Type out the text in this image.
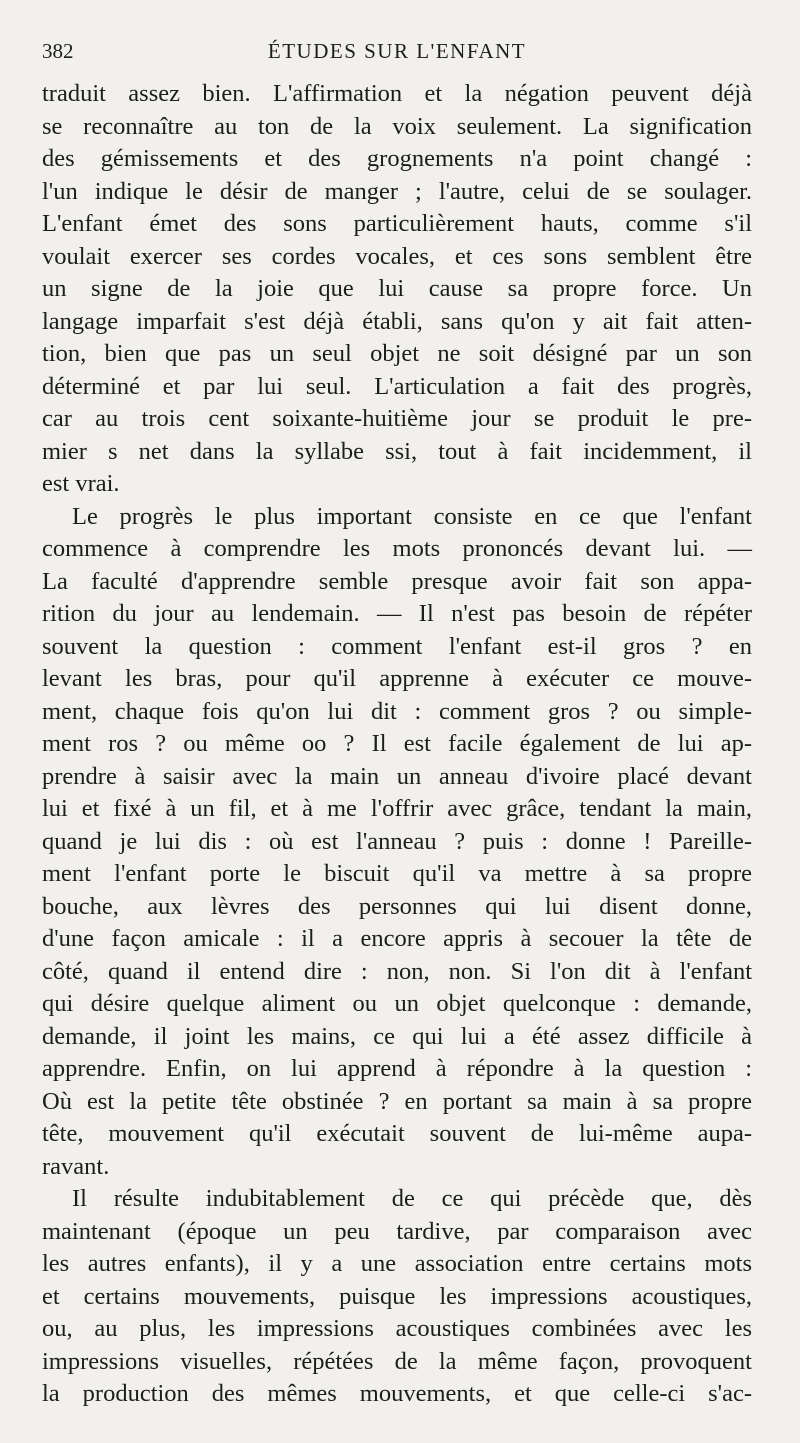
382	ÉTUDES SUR L'ENFANT
traduit assez bien. L'affirmation et la négation peuvent déjà
se reconnaître au ton de la voix seulement. La signification
des gémissements et des grognements n'a point changé :
l'un indique le désir de manger ; l'autre, celui de se soulager.
L'enfant émet des sons particulièrement hauts, comme s'il
voulait exercer ses cordes vocales, et ces sons semblent être
un signe de la joie que lui cause sa propre force. Un
langage imparfait s'est déjà établi, sans qu'on y ait fait atten-
tion, bien que pas un seul objet ne soit désigné par un son
déterminé et par lui seul. L'articulation a fait des progrès,
car au trois cent soixante-huitième jour se produit le pre-
mier s net dans la syllabe ssi, tout à fait incidemment, il
est vrai.
Le progrès le plus important consiste en ce que l'enfant
commence à comprendre les mots prononcés devant lui. —
La faculté d'apprendre semble presque avoir fait son appa-
rition du jour au lendemain. — Il n'est pas besoin de répéter
souvent la question : comment l'enfant est-il gros ? en
levant les bras, pour qu'il apprenne à exécuter ce mouve-
ment, chaque fois qu'on lui dit : comment gros ? ou simple-
ment ros ? ou même oo ? Il est facile également de lui ap-
prendre à saisir avec la main un anneau d'ivoire placé devant
lui et fixé à un fil, et à me l'offrir avec grâce, tendant la main,
quand je lui dis : où est l'anneau ? puis : donne ! Pareille-
ment l'enfant porte le biscuit qu'il va mettre à sa propre
bouche, aux lèvres des personnes qui lui disent donne,
d'une façon amicale : il a encore appris à secouer la tête de
côté, quand il entend dire : non, non. Si l'on dit à l'enfant
qui désire quelque aliment ou un objet quelconque : demande,
demande, il joint les mains, ce qui lui a été assez difficile à
apprendre. Enfin, on lui apprend à répondre à la question :
Où est la petite tête obstinée ? en portant sa main à sa propre
tête, mouvement qu'il exécutait souvent de lui-même aupa-
ravant.
Il résulte indubitablement de ce qui précède que, dès
maintenant (époque un peu tardive, par comparaison avec
les autres enfants), il y a une association entre certains mots
et certains mouvements, puisque les impressions acoustiques,
ou, au plus, les impressions acoustiques combinées avec les
impressions visuelles, répétées de la même façon, provoquent
la production des mêmes mouvements, et que celle-ci s'ac-
